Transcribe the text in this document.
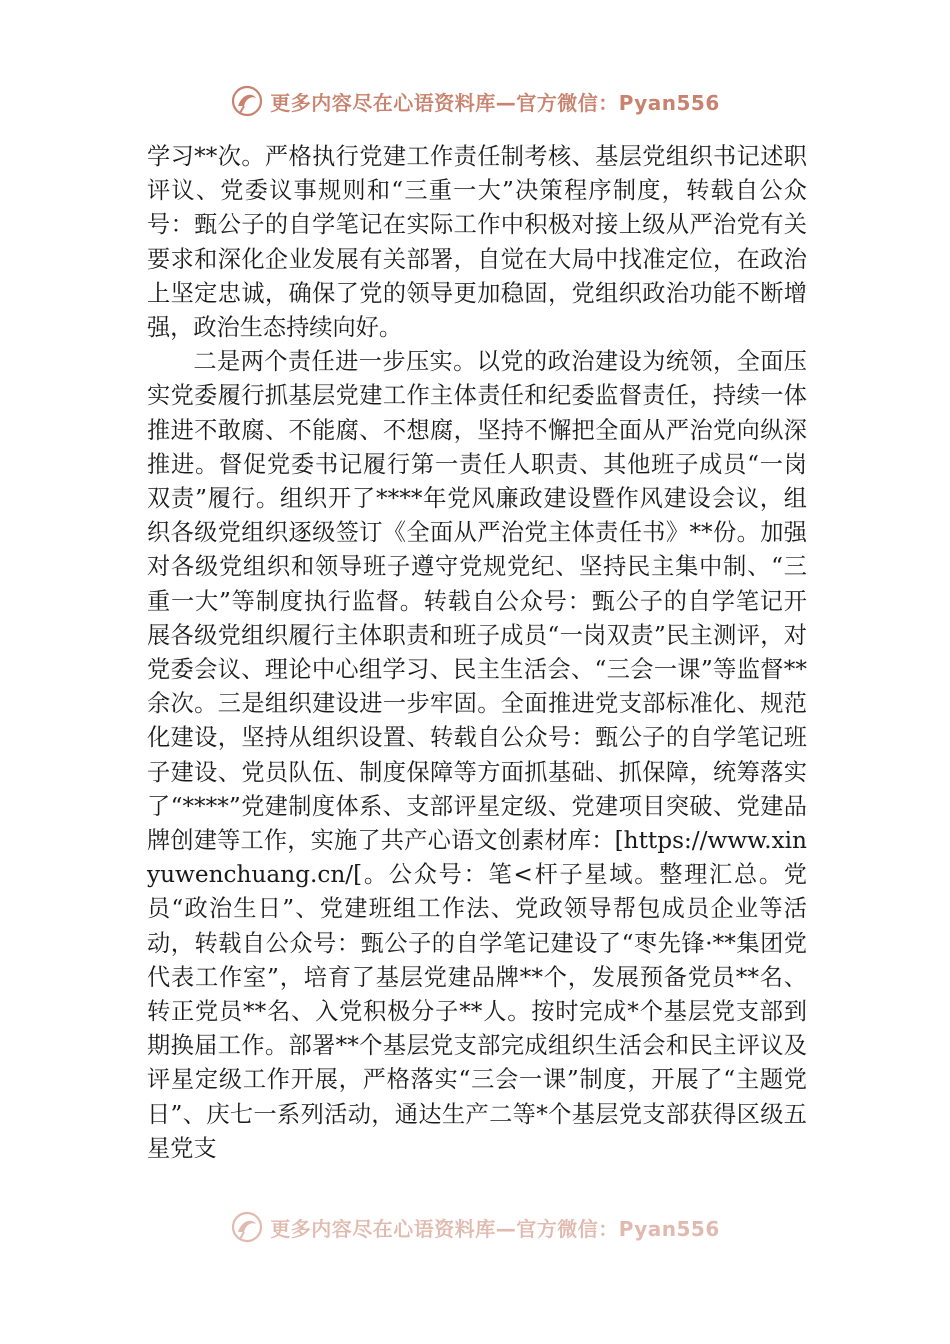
更多内容尽在心语资料库—官方微信：Pyan556

学习**次。严格执行党建工作责任制考核、基层党组织书记述职评议、党委议事规则和“三重一大”决策程序制度，转载自公众号：甄公子的自学笔记在实际工作中积极对接上级从严治党有关要求和深化企业发展有关部署，自觉在大局中找准定位，在政治上坚定忠诚，确保了党的领导更加稳固，党组织政治功能不断增强，政治生态持续向好。

二是两个责任进一步压实。以党的政治建设为统领，全面压实党委履行抓基层党建工作主体责任和纪委监督责任，持续一体推进不敢腐、不能腐、不想腐，坚持不懈把全面从严治党向纵深推进。督促党委书记履行第一责任人职责、其他班子成员“一岗双责”履行。组织开了****年党风廉政建设暨作风建设会议，组织各级党组织逐级签订《全面从严治党主体责任书》**份。加强对各级党组织和领导班子遵守党规党纪、坚持民主集中制、“三重一大”等制度执行监督。转载自公众号：甄公子的自学笔记开展各级党组织履行主体职责和班子成员“一岗双责”民主测评，对党委会议、理论中心组学习、民主生活会、“三会一课”等监督**余次。三是组织建设进一步牢固。全面推进党支部标准化、规范化建设，坚持从组织设置、转载自公众号：甄公子的自学笔记班子建设、党员队伍、制度保障等方面抓基础、抓保障，统筹落实了“****”党建制度体系、支部评星定级、党建项目突破、党建品牌创建等工作，实施了共产心语文创素材库：[https://www.xinyuwenchuang.cn/[。公众号：笔<杆子星域。整理汇总。党员“政治生日”、党建班组工作法、党政领导帮包成员企业等活动，转载自公众号：甄公子的自学笔记建设了“枣先锋·**集团党代表工作室”，培育了基层党建品牌**个，发展预备党员**名、转正党员**名、入党积极分子**人。按时完成*个基层党支部到期换届工作。部署**个基层党支部完成组织生活会和民主评议及评星定级工作开展，严格落实“三会一课”制度，开展了“主题党日”、庆七一系列活动，通达生产二等*个基层党支部获得区级五星党支

更多内容尽在心语资料库—官方微信：Pyan556
